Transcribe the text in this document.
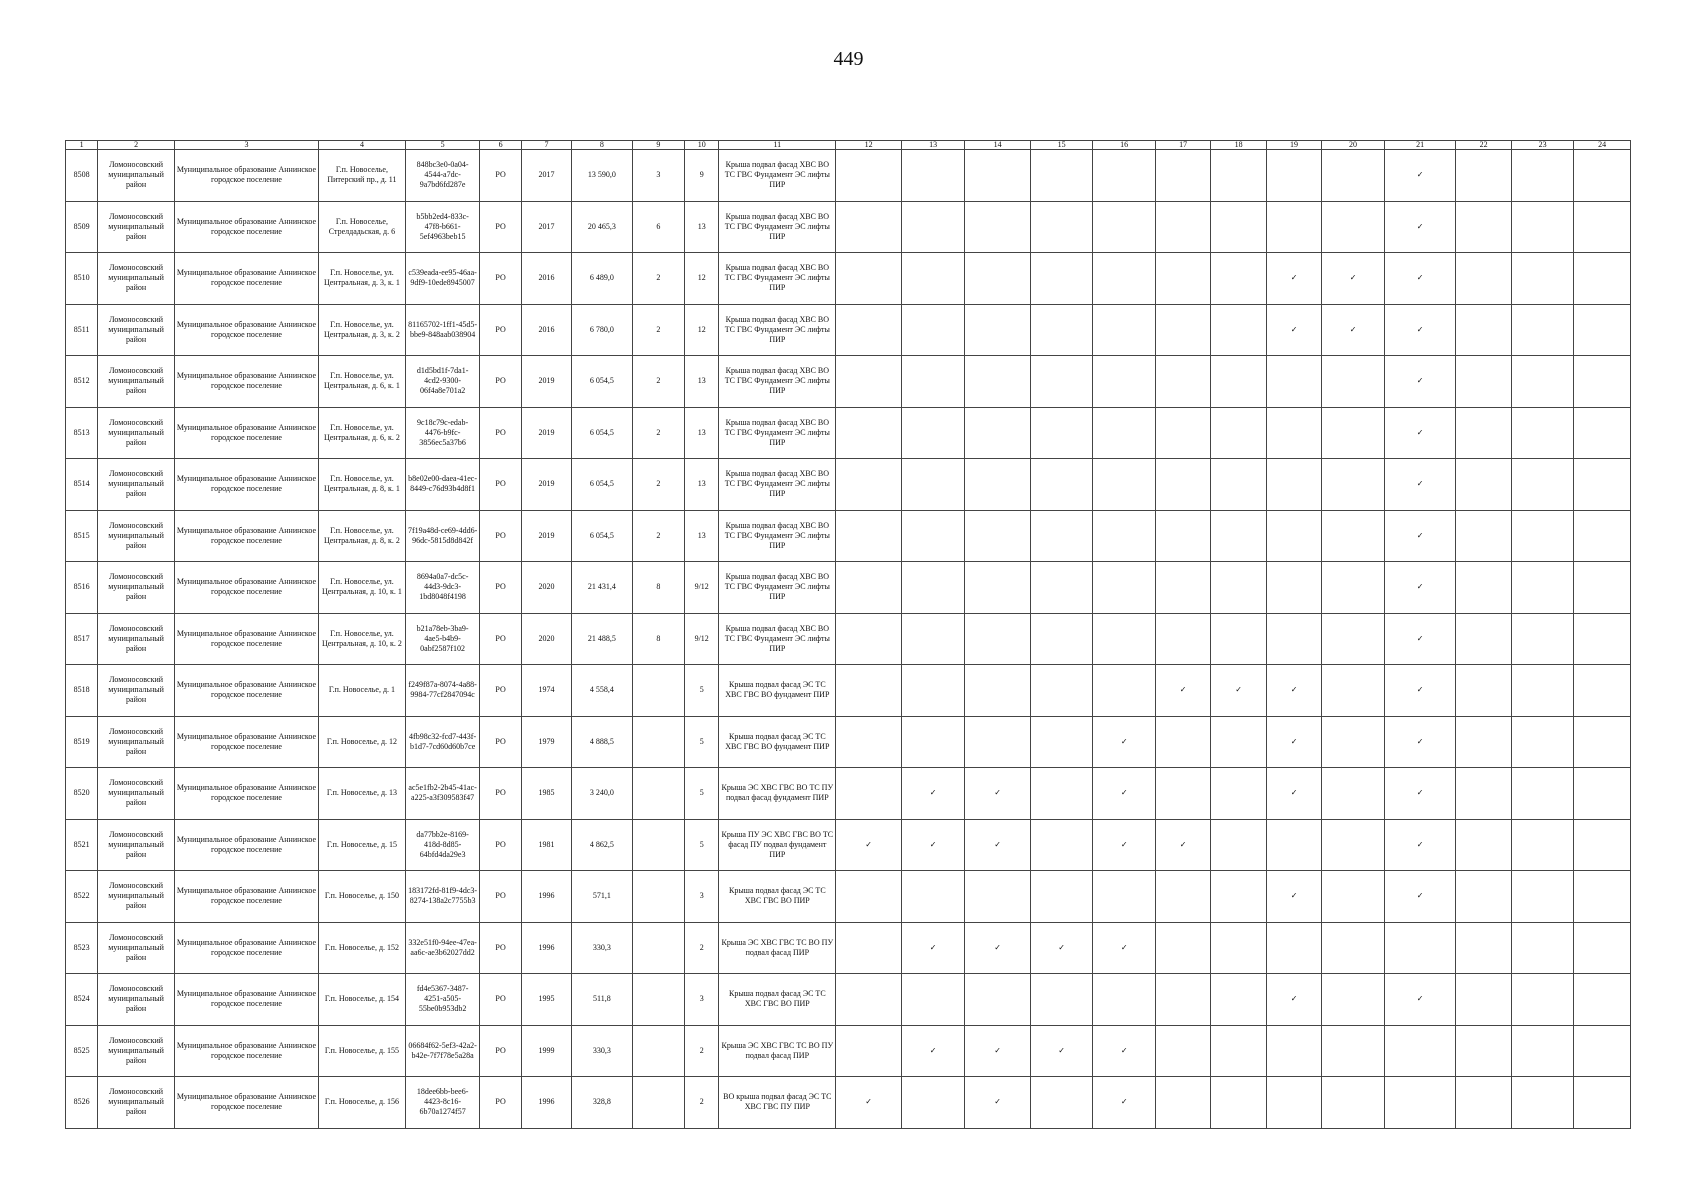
449
1	2	3	4	5	6	7	8	9	10	11	12	13	14	15	16	17	18	19	20	21	22	23	24
8508	Ломоносовский муниципальный район	Муниципальное образование Аннинское городское поселение	Г.п. Новоселье, Питерский пр., д. 11	848bc3e0-0a04-4544-a7dc-9a7bd6fd287e	РО	2017	13 590,0	3	9	Крыша подвал фасад ХВС ВО ТС ГВС Фундамент ЭС лифты ПИР										✓			
8509	Ломоносовский муниципальный район	Муниципальное образование Аннинское городское поселение	Г.п. Новоселье, Стрелдадьская, д. 6	b5bb2ed4-833c-47f8-b661-5ef4963beb15	РО	2017	20 465,3	6	13	Крыша подвал фасад ХВС ВО ТС ГВС Фундамент ЭС лифты ПИР										✓			
8510	Ломоносовский муниципальный район	Муниципальное образование Аннинское городское поселение	Г.п. Новоселье, ул. Центральная, д. 3, к. 1	c539eada-ee95-46aa-9df9-10ede8945007	РО	2016	6 489,0	2	12	Крыша подвал фасад ХВС ВО ТС ГВС Фундамент ЭС лифты ПИР								✓	✓	✓			
8511	Ломоносовский муниципальный район	Муниципальное образование Аннинское городское поселение	Г.п. Новоселье, ул. Центральная, д. 3, к. 2	81165702-1ff1-45d5-bbe9-848aab038904	РО	2016	6 780,0	2	12	Крыша подвал фасад ХВС ВО ТС ГВС Фундамент ЭС лифты ПИР								✓	✓	✓			
8512	Ломоносовский муниципальный район	Муниципальное образование Аннинское городское поселение	Г.п. Новоселье, ул. Центральная, д. 6, к. 1	d1d5bd1f-7da1-4cd2-9300-06f4a8e701a2	РО	2019	6 054,5	2	13	Крыша подвал фасад ХВС ВО ТС ГВС Фундамент ЭС лифты ПИР										✓			
8513	Ломоносовский муниципальный район	Муниципальное образование Аннинское городское поселение	Г.п. Новоселье, ул. Центральная, д. 6, к. 2	9c18c79c-edab-4476-b9fc-3856ec5a37b6	РО	2019	6 054,5	2	13	Крыша подвал фасад ХВС ВО ТС ГВС Фундамент ЭС лифты ПИР										✓			
8514	Ломоносовский муниципальный район	Муниципальное образование Аннинское городское поселение	Г.п. Новоселье, ул. Центральная, д. 8, к. 1	b8e02e00-daea-41ec-8449-c76d93b4d8f1	РО	2019	6 054,5	2	13	Крыша подвал фасад ХВС ВО ТС ГВС Фундамент ЭС лифты ПИР										✓			
8515	Ломоносовский муниципальный район	Муниципальное образование Аннинское городское поселение	Г.п. Новоселье, ул. Центральная, д. 8, к. 2	7f19a48d-ce69-4dd6-96dc-5815d8d842f	РО	2019	6 054,5	2	13	Крыша подвал фасад ХВС ВО ТС ГВС Фундамент ЭС лифты ПИР										✓			
8516	Ломоносовский муниципальный район	Муниципальное образование Аннинское городское поселение	Г.п. Новоселье, ул. Центральная, д. 10, к. 1	8694a0a7-dc5c-44d3-9dc3-1bd8048f4198	РО	2020	21 431,4	8	9/12	Крыша подвал фасад ХВС ВО ТС ГВС Фундамент ЭС лифты ПИР										✓			
8517	Ломоносовский муниципальный район	Муниципальное образование Аннинское городское поселение	Г.п. Новоселье, ул. Центральная, д. 10, к. 2	b21a78eb-3ba9-4ae5-b4b9-0abf2587f102	РО	2020	21 488,5	8	9/12	Крыша подвал фасад ХВС ВО ТС ГВС Фундамент ЭС лифты ПИР										✓			
8518	Ломоносовский муниципальный район	Муниципальное образование Аннинское городское поселение	Г.п. Новоселье, д. 1	f249f87a-8074-4a88-9984-77cf2847094c	РО	1974	4 558,4		5	Крыша подвал фасад ЭС ТС ХВС ГВС ВО фундамент ПИР						✓	✓	✓		✓			
8519	Ломоносовский муниципальный район	Муниципальное образование Аннинское городское поселение	Г.п. Новоселье, д. 12	4fb98c32-fcd7-443f-b1d7-7cd60d60b7ce	РО	1979	4 888,5		5	Крыша подвал фасад ЭС ТС ХВС ГВС ВО фундамент ПИР					✓			✓		✓			
8520	Ломоносовский муниципальный район	Муниципальное образование Аннинское городское поселение	Г.п. Новоселье, д. 13	ac5e1fb2-2b45-41ac-a225-a3f309583f47	РО	1985	3 240,0		5	Крыша ЭС ХВС ГВС ВО ТС ПУ подвал фасад фундамент ПИР		✓	✓		✓			✓		✓			
8521	Ломоносовский муниципальный район	Муниципальное образование Аннинское городское поселение	Г.п. Новоселье, д. 15	da77bb2e-8169-418d-8d85-64bfd4da29e3	РО	1981	4 862,5		5	Крыша ПУ ЭС ХВС ГВС ВО ТС фасад ПУ подвал фундамент ПИР	✓	✓	✓		✓	✓				✓			
8522	Ломоносовский муниципальный район	Муниципальное образование Аннинское городское поселение	Г.п. Новоселье, д. 150	183172fd-81f9-4dc3-8274-138a2c7755b3	РО	1996	571,1		3	Крыша подвал фасад ЭС ТС ХВС ГВС ВО ПИР								✓		✓			
8523	Ломоносовский муниципальный район	Муниципальное образование Аннинское городское поселение	Г.п. Новоселье, д. 152	332e51f0-94ee-47ea-aa6c-ae3b62027dd2	РО	1996	330,3		2	Крыша ЭС ХВС ГВС ТС ВО ПУ подвал фасад ПИР		✓	✓	✓	✓								
8524	Ломоносовский муниципальный район	Муниципальное образование Аннинское городское поселение	Г.п. Новоселье, д. 154	fd4e5367-3487-4251-a505-55be0b953db2	РО	1995	511,8		3	Крыша подвал фасад ЭС ТС ХВС ГВС ВО ПИР								✓		✓			
8525	Ломоносовский муниципальный район	Муниципальное образование Аннинское городское поселение	Г.п. Новоселье, д. 155	06684f62-5ef3-42a2-b42e-7f7f78e5a28a	РО	1999	330,3		2	Крыша ЭС ХВС ГВС ТС ВО ПУ подвал фасад ПИР		✓	✓	✓	✓								
8526	Ломоносовский муниципальный район	Муниципальное образование Аннинское городское поселение	Г.п. Новоселье, д. 156	18dee6bb-bee6-4423-8c16-6b70a1274f57	РО	1996	328,8		2	ВО крыша подвал фасад ЭС ТС ХВС ГВС ПУ ПИР	✓		✓		✓								
